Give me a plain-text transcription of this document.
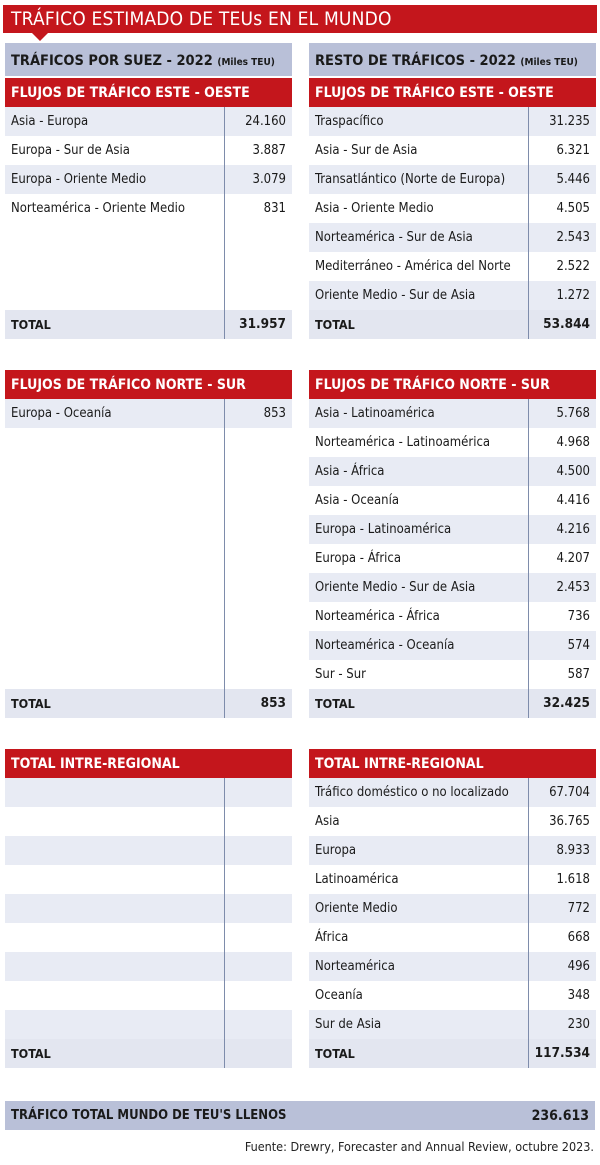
TRÁFICO ESTIMADO DE TEUs EN EL MUNDO
TRÁFICOS POR SUEZ - 2022 (Miles TEU)	RESTO DE TRÁFICOS - 2022 (Miles TEU)
TRÁFICO TOTAL MUNDO DE TEU'S LLENOS	236.613
Fuente: Drewry, Forecaster and Annual Review, octubre 2023.
FLUJOS DE TRÁFICO ESTE - OESTE
Asia - Europa	24.160
Europa - Sur de Asia	3.887
Europa - Oriente Medio	3.079
Norteamérica - Oriente Medio	831
TOTAL	31.957
FLUJOS DE TRÁFICO NORTE - SUR
Europa - Oceanía	853
TOTAL	853
TOTAL INTRE-REGIONAL
TOTAL
FLUJOS DE TRÁFICO ESTE - OESTE
Traspacífico	31.235
Asia - Sur de Asia	6.321
Transatlántico (Norte de Europa)	5.446
Asia - Oriente Medio	4.505
Norteamérica - Sur de Asia	2.543
Mediterráneo - América del Norte	2.522
Oriente Medio - Sur de Asia	1.272
TOTAL	53.844
FLUJOS DE TRÁFICO NORTE - SUR
Asia - Latinoamérica	5.768
Norteamérica - Latinoamérica	4.968
Asia - África	4.500
Asia - Oceanía	4.416
Europa - Latinoamérica	4.216
Europa - África	4.207
Oriente Medio - Sur de Asia	2.453
Norteamérica - África	736
Norteamérica - Oceanía	574
Sur - Sur	587
TOTAL	32.425
TOTAL INTRE-REGIONAL
Tráfico doméstico o no localizado	67.704
Asia	36.765
Europa	8.933
Latinoamérica	1.618
Oriente Medio	772
África	668
Norteamérica	496
Oceanía	348
Sur de Asia	230
TOTAL	117.534
